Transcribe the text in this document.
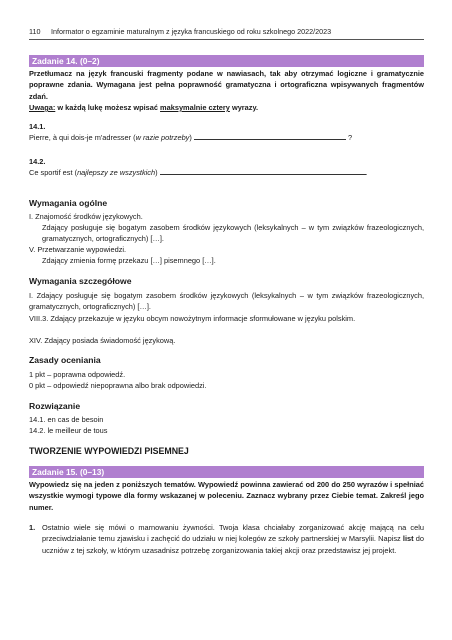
110 Informator o egzaminie maturalnym z języka francuskiego od roku szkolnego 2022/2023
Zadanie 14. (0–2)
Przetłumacz na język francuski fragmenty podane w nawiasach, tak aby otrzymać logiczne i gramatycznie poprawne zdania. Wymagana jest pełna poprawność gramatyczna i ortograficzna wpisywanych fragmentów zdań.
Uwaga: w każdą lukę możesz wpisać maksymalnie cztery wyrazy.
14.1.
Pierre, à qui dois-je m'adresser (w razie potrzeby)	?
14.2.
Ce sportif est (najlepszy ze wszystkich)	.
Wymagania ogólne
I. Znajomość środków językowych.
Zdający posługuje się bogatym zasobem środków językowych (leksykalnych – w tym związków frazeologicznych, gramatycznych, ortograficznych) […].
V. Przetwarzanie wypowiedzi.
Zdający zmienia formę przekazu […] pisemnego […].
Wymagania szczegółowe
I. Zdający posługuje się bogatym zasobem środków językowych (leksykalnych – w tym związków frazeologicznych, gramatycznych, ortograficznych) […].
VIII.3. Zdający przekazuje w języku obcym nowożytnym informacje sformułowane w języku polskim.
XIV. Zdający posiada świadomość językową.
Zasady oceniania
1 pkt – poprawna odpowiedź.
0 pkt – odpowiedź niepoprawna albo brak odpowiedzi.
Rozwiązanie
14.1. en cas de besoin
14.2. le meilleur de tous
TWORZENIE WYPOWIEDZI PISEMNEJ
Zadanie 15. (0–13)
Wypowiedz się na jeden z poniższych tematów. Wypowiedź powinna zawierać od 200 do 250 wyrazów i spełniać wszystkie wymogi typowe dla formy wskazanej w poleceniu. Zaznacz wybrany przez Ciebie temat. Zakreśl jego numer.
1. Ostatnio wiele się mówi o marnowaniu żywności. Twoja klasa chciałaby zorganizować akcję mającą na celu przeciwdziałanie temu zjawisku i zachęcić do udziału w niej kolegów ze szkoły partnerskiej w Marsylii. Napisz list do uczniów z tej szkoły, w którym uzasadnisz potrzebę zorganizowania takiej akcji oraz przedstawisz jej projekt.
